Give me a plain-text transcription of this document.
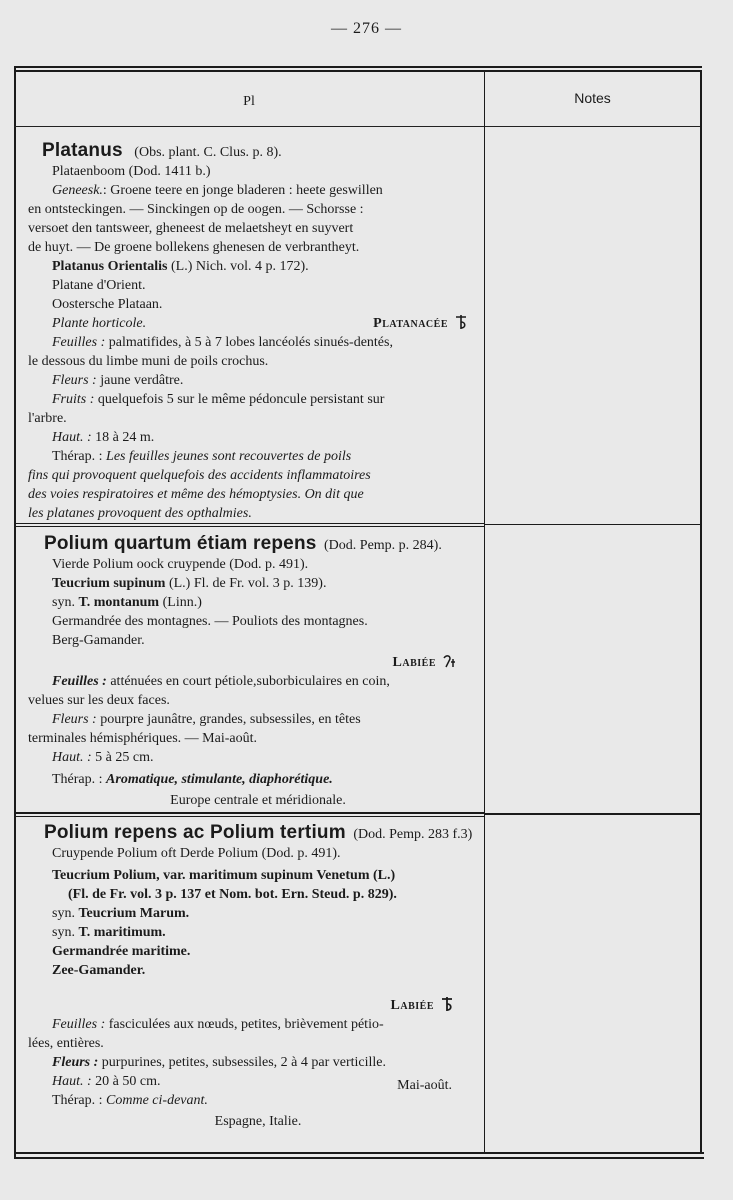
— 276 —
Pl	Notes
Platanus (Obs. plant. C. Clus. p. 8).
Plataenboom (Dod. 1411 b.)
Geneesk.: Groene teere en jonge bladeren : heete geswillen
en ontsteckingen. — Sinckingen op de oogen. — Schorsse :
versoet den tantsweer, gheneest de melaetsheyt en suyvert
de huyt. — De groene bollekens ghenesen de verbrantheyt.
Platanus Orientalis (L.) Nich. vol. 4 p. 172).
Platane d'Orient.
Oostersche Plataan.
Plante horticole.	Platanacée
Feuilles : palmatifides, à 5 à 7 lobes lancéolés sinués-dentés,
le dessous du limbe muni de poils crochus.
Fleurs : jaune verdâtre.
Fruits : quelquefois 5 sur le même pédoncule persistant sur
l'arbre.
Haut. : 18 à 24 m.
Thérap. : Les feuilles jeunes sont recouvertes de poils
fins qui provoquent quelquefois des accidents inflammatoires
des voies respiratoires et même des hémoptysies. On dit que
les platanes provoquent des opthalmies.
Polium quartum étiam repens (Dod. Pemp. p. 284).
Vierde Polium oock cruypende (Dod. p. 491).
Teucrium supinum (L.) Fl. de Fr. vol. 3 p. 139).
syn. T. montanum (Linn.)
Germandrée des montagnes. — Pouliots des montagnes.
Berg-Gamander.
Labiée
Feuilles : atténuées en court pétiole,suborbiculaires en coin,
velues sur les deux faces.
Fleurs : pourpre jaunâtre, grandes, subsessiles, en têtes
terminales hémisphériques. — Mai-août.
Haut. : 5 à 25 cm.
Thérap. : Aromatique, stimulante, diaphorétique.
Europe centrale et méridionale.
Polium repens ac Polium tertium (Dod. Pemp. 283 f.3)
Cruypende Polium oft Derde Polium (Dod. p. 491).
Teucrium Polium, var. maritimum supinum Venetum (L.)
(Fl. de Fr. vol. 3 p. 137 et Nom. bot. Ern. Steud. p. 829).
syn. Teucrium Marum.
syn. T. maritimum.
Germandrée maritime.
Zee-Gamander.
Labiée
Feuilles : fasciculées aux nœuds, petites, brièvement pétio-
lées, entières.
Fleurs : purpurines, petites, subsessiles, 2 à 4 par verticille.
Haut. : 20 à 50 cm.	Mai-août.
Thérap. : Comme ci-devant.
Espagne, Italie.
